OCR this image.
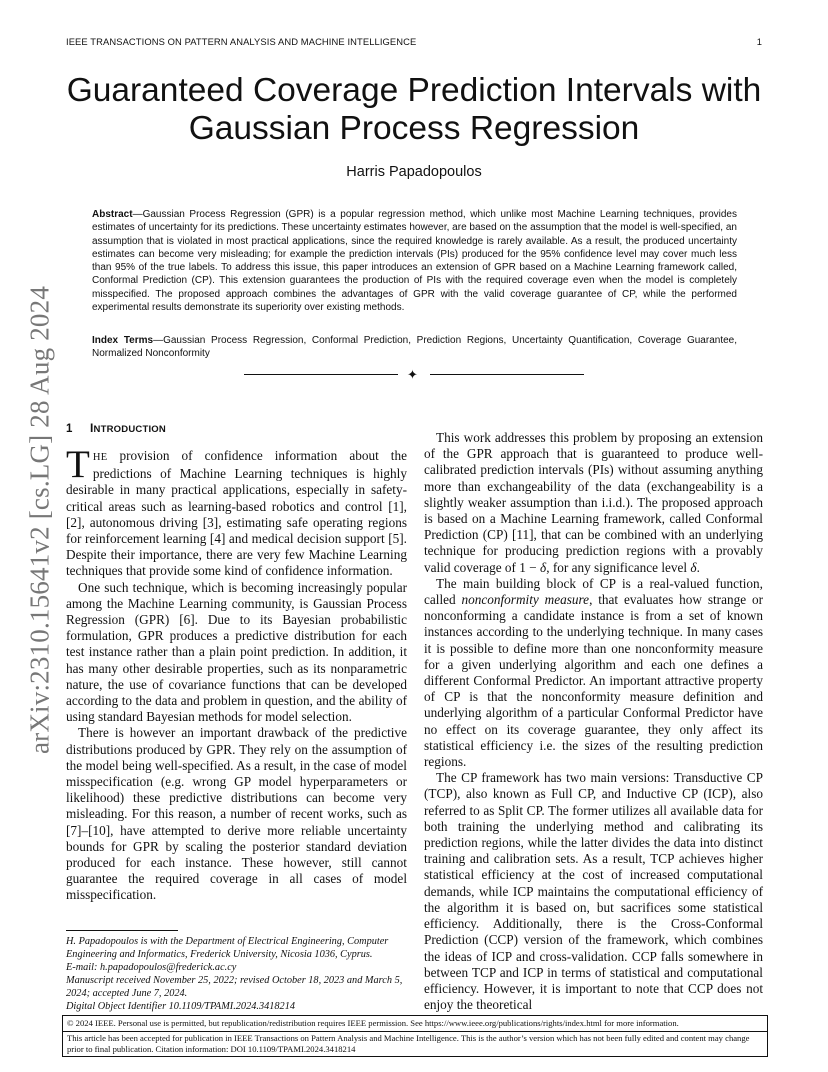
IEEE TRANSACTIONS ON PATTERN ANALYSIS AND MACHINE INTELLIGENCE	1
arXiv:2310.15641v2 [cs.LG] 28 Aug 2024
Guaranteed Coverage Prediction Intervals with
Gaussian Process Regression
Harris Papadopoulos
Abstract—Gaussian Process Regression (GPR) is a popular regression method, which unlike most Machine Learning techniques, provides estimates of uncertainty for its predictions. These uncertainty estimates however, are based on the assumption that the model is well-specified, an assumption that is violated in most practical applications, since the required knowledge is rarely available. As a result, the produced uncertainty estimates can become very misleading; for example the prediction intervals (PIs) produced for the 95% confidence level may cover much less than 95% of the true labels. To address this issue, this paper introduces an extension of GPR based on a Machine Learning framework called, Conformal Prediction (CP). This extension guarantees the production of PIs with the required coverage even when the model is completely misspecified. The proposed approach combines the advantages of GPR with the valid coverage guarantee of CP, while the performed experimental results demonstrate its superiority over existing methods.
Index Terms—Gaussian Process Regression, Conformal Prediction, Prediction Regions, Uncertainty Quantification, Coverage Guarantee, Normalized Nonconformity
✦
1 INTRODUCTION

THE provision of confidence information about the predictions of Machine Learning techniques is highly desirable in many practical applications, especially in safety-critical areas such as learning-based robotics and control [1], [2], autonomous driving [3], estimating safe operating regions for reinforcement learning [4] and medical decision support [5]. Despite their importance, there are very few Machine Learning techniques that provide some kind of confidence information.

One such technique, which is becoming increasingly popular among the Machine Learning community, is Gaussian Process Regression (GPR) [6]. Due to its Bayesian probabilistic formulation, GPR produces a predictive distribution for each test instance rather than a plain point prediction. In addition, it has many other desirable properties, such as its nonparametric nature, the use of covariance functions that can be developed according to the data and problem in question, and the ability of using standard Bayesian methods for model selection.

There is however an important drawback of the predictive distributions produced by GPR. They rely on the assumption of the model being well-specified. As a result, in the case of model misspecification (e.g. wrong GP model hyperparameters or likelihood) these predictive distributions can become very misleading. For this reason, a number of recent works, such as [7]–[10], have attempted to derive more reliable uncertainty bounds for GPR by scaling the posterior standard deviation produced for each instance. These however, still cannot guarantee the required coverage in all cases of model misspecification.

This work addresses this problem by proposing an extension of the GPR approach that is guaranteed to produce well-calibrated prediction intervals (PIs) without assuming anything more than exchangeability of the data (exchangeability is a slightly weaker assumption than i.i.d.). The proposed approach is based on a Machine Learning framework, called Conformal Prediction (CP) [11], that can be combined with an underlying technique for producing prediction regions with a provably valid coverage of 1 − δ, for any significance level δ.

The main building block of CP is a real-valued function, called nonconformity measure, that evaluates how strange or nonconforming a candidate instance is from a set of known instances according to the underlying technique. In many cases it is possible to define more than one nonconformity measure for a given underlying algorithm and each one defines a different Conformal Predictor. An important attractive property of CP is that the nonconformity measure definition and underlying algorithm of a particular Conformal Predictor have no effect on its coverage guarantee, they only affect its statistical efficiency i.e. the sizes of the resulting prediction regions.

The CP framework has two main versions: Transductive CP (TCP), also known as Full CP, and Inductive CP (ICP), also referred to as Split CP. The former utilizes all available data for both training the underlying method and calibrating its prediction regions, while the latter divides the data into distinct training and calibration sets. As a result, TCP achieves higher statistical efficiency at the cost of increased computational demands, while ICP maintains the computational efficiency of the algorithm it is based on, but sacrifices some statistical efficiency. Additionally, there is the Cross-Conformal Prediction (CCP) version of the framework, which combines the ideas of ICP and cross-validation. CCP falls somewhere in between TCP and ICP in terms of statistical and computational efficiency. However, it is important to note that CCP does not enjoy the theoretical

H. Papadopoulos is with the Department of Electrical Engineering, Computer Engineering and Informatics, Frederick University, Nicosia 1036, Cyprus.

E-mail: h.papadopoulos@frederick.ac.cy

Manuscript received November 25, 2022; revised October 18, 2023 and March 5, 2024; accepted June 7, 2024.

Digital Object Identifier 10.1109/TPAMI.2024.3418214

© 2024 IEEE. Personal use is permitted, but republication/redistribution requires IEEE permission. See https://www.ieee.org/publications/rights/index.html for more information.
This article has been accepted for publication in IEEE Transactions on Pattern Analysis and Machine Intelligence. This is the author’s version which has not been fully edited and content may change prior to final publication. Citation information: DOI 10.1109/TPAMI.2024.3418214
